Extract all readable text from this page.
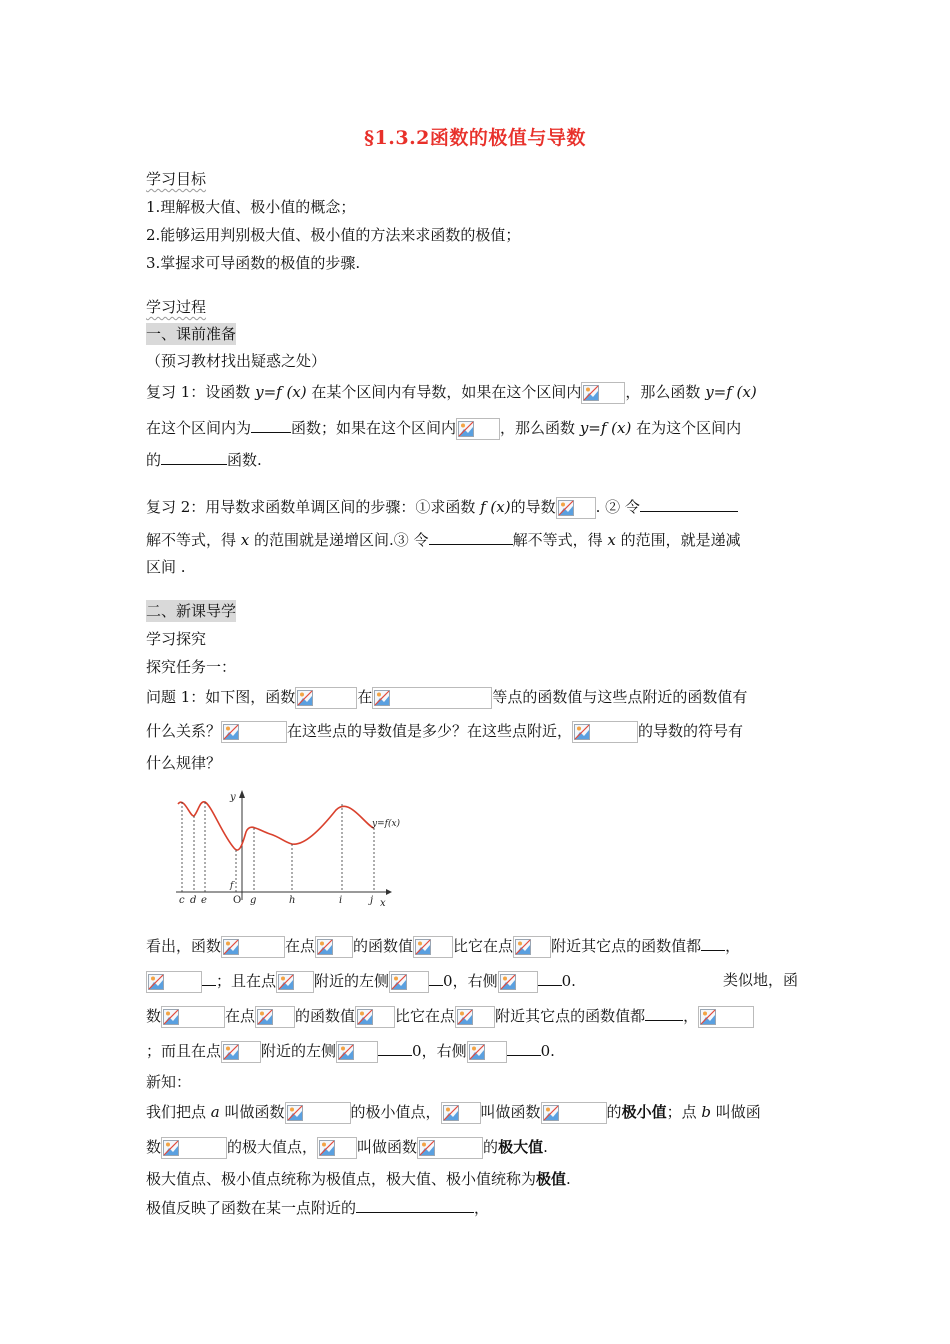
§1.3.2函数的极值与导数
学习目标
1.理解极大值、极小值的概念；
2.能够运用判别极大值、极小值的方法来求函数的极值；
3.掌握求可导函数的极值的步骤.
学习过程
一、课前准备
（预习教材找出疑惑之处）
复习 1：设函数 y=f (x) 在某个区间内有导数，如果在这个区间内	，那么函数 y=f (x)
在这个区间内为	函数；如果在这个区间内	，那么函数 y=f (x) 在为这个区间内
的	函数.
复习 2：用导数求函数单调区间的步骤：①求函数 f (x)的导数	. ② 令
解不等式，得 x 的范围就是递增区间.③ 令	解不等式，得 x 的范围，就是递减
区间 .
二、新课导学
学习探究
探究任务一：
问题 1：如下图，函数	在	等点的函数值与这些点附近的函数值有
什么关系？	在这些点的导数值是多少？在这些点附近，	的导数的符号有
什么规律？
y
x
y=f(x)
c d e	O g	h	i	j
f
看出，函数	在点	的函数值	比它在点	附近其它点的函数值都 ，
；且在点	附近的左侧	0，右侧	0.	类似地，函
数	在点	的函数值	比它在点	附近其它点的函数值都	，
；而且在点	附近的左侧	0，右侧	0.
新知：
我们把点 a 叫做函数	的极小值点，	叫做函数	的极小值；点 b 叫做函
数	的极大值点，	叫做函数	的极大值.
极大值点、极小值点统称为极值点，极大值、极小值统称为极值.
极值反映了函数在某一点附近的	，
